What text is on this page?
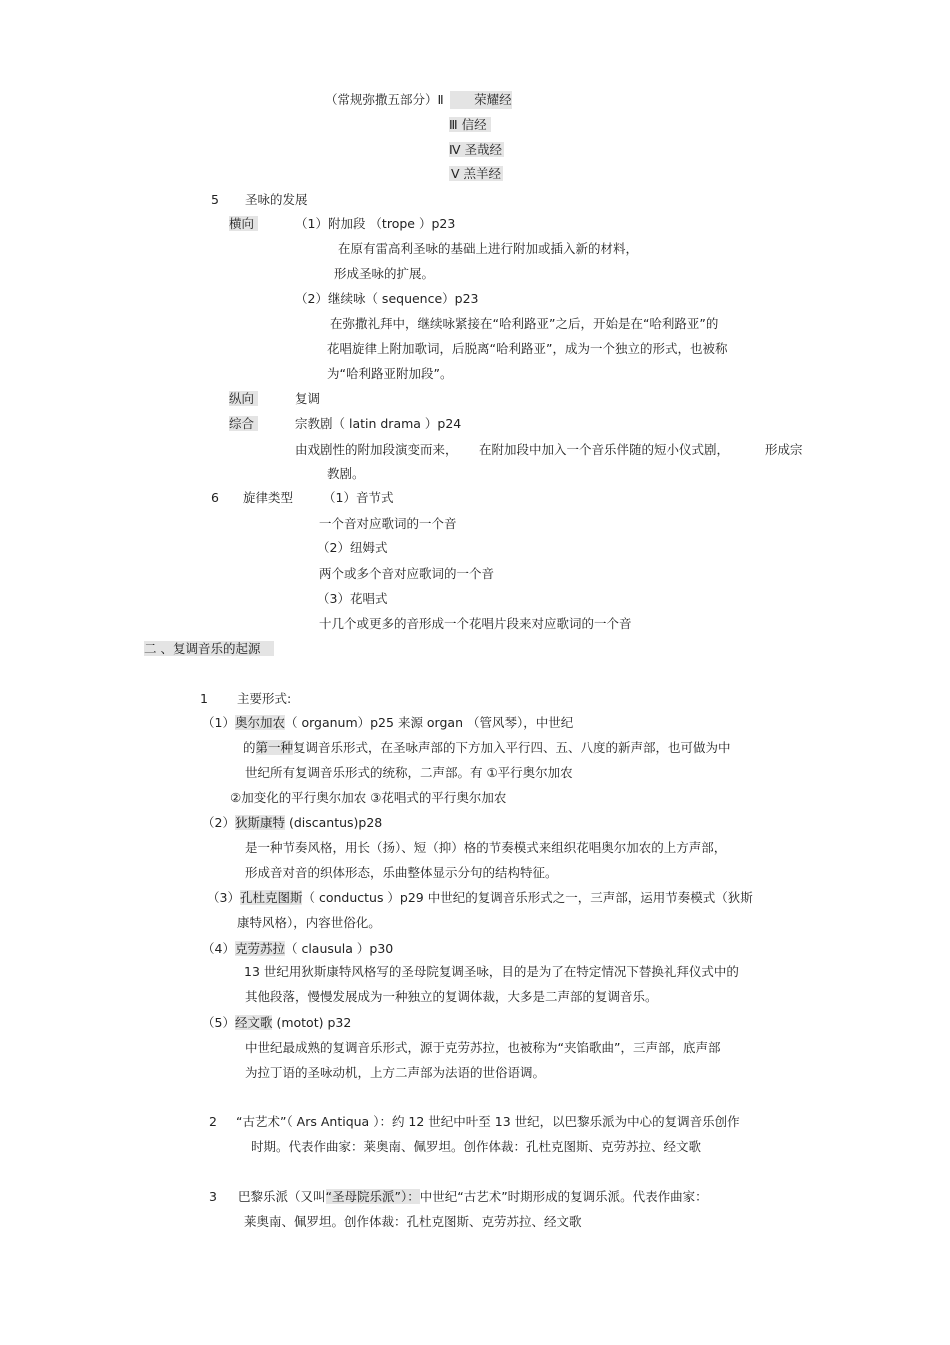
（常规弥撒五部分）Ⅱ 荣耀经
Ⅲ 信经
Ⅳ 圣哉经
Ⅴ 羔羊经
5 圣咏的发展
横向	（1）附加段 （trope ）p23
在原有雷高利圣咏的基础上进行附加或插入新的材料，
形成圣咏的扩展。
（2）继续咏（ sequence）p23
在弥撒礼拜中，继续咏紧接在“哈利路亚”之后，开始是在“哈利路亚”的
花唱旋律上附加歌词，后脱离“哈利路亚”，成为一个独立的形式，也被称
为“哈利路亚附加段”。
纵向	复调
综合	宗教剧（ latin drama ）p24
由戏剧性的附加段演变而来， 在附加段中加入一个音乐伴随的短小仪式剧，	形成宗
教剧。
6 旋律类型 （1）音节式
一个音对应歌词的一个音
（2）纽姆式
两个或多个音对应歌词的一个音
（3）花唱式
十几个或更多的音形成一个花唱片段来对应歌词的一个音
二 、复调音乐的起源
1 主要形式:
（1）奥尔加农（ organum）p25 来源 organ （管风琴），中世纪
的第一种复调音乐形式，在圣咏声部的下方加入平行四、五、八度的新声部，也可做为中
世纪所有复调音乐形式的统称，二声部。有 ①平行奥尔加农
②加变化的平行奥尔加农 ③花唱式的平行奥尔加农
（2）狄斯康特 (discantus)p28
是一种节奏风格，用长（扬）、短（抑）格的节奏模式来组织花唱奥尔加农的上方声部，
形成音对音的织体形态，乐曲整体显示分句的结构特征。
（3）孔杜克图斯（ conductus ）p29 中世纪的复调音乐形式之一，三声部，运用节奏模式（狄斯
康特风格），内容世俗化。
（4）克劳苏拉（ clausula ）p30
13 世纪用狄斯康特风格写的圣母院复调圣咏，目的是为了在特定情况下替换礼拜仪式中的
其他段落，慢慢发展成为一种独立的复调体裁，大多是二声部的复调音乐。
（5）经文歌 (motot) p32
中世纪最成熟的复调音乐形式，源于克劳苏拉，也被称为“夹馅歌曲”，三声部，底声部
为拉丁语的圣咏动机，上方二声部为法语的世俗语调。
2 “古艺术”（ Ars Antiqua ）：约 12 世纪中叶至 13 世纪，以巴黎乐派为中心的复调音乐创作
时期。代表作曲家：莱奥南、佩罗坦。创作体裁：孔杜克图斯、克劳苏拉、经文歌
3 巴黎乐派（又叫“圣母院乐派”）：中世纪“古艺术”时期形成的复调乐派。代表作曲家：
莱奥南、佩罗坦。创作体裁：孔杜克图斯、克劳苏拉、经文歌
